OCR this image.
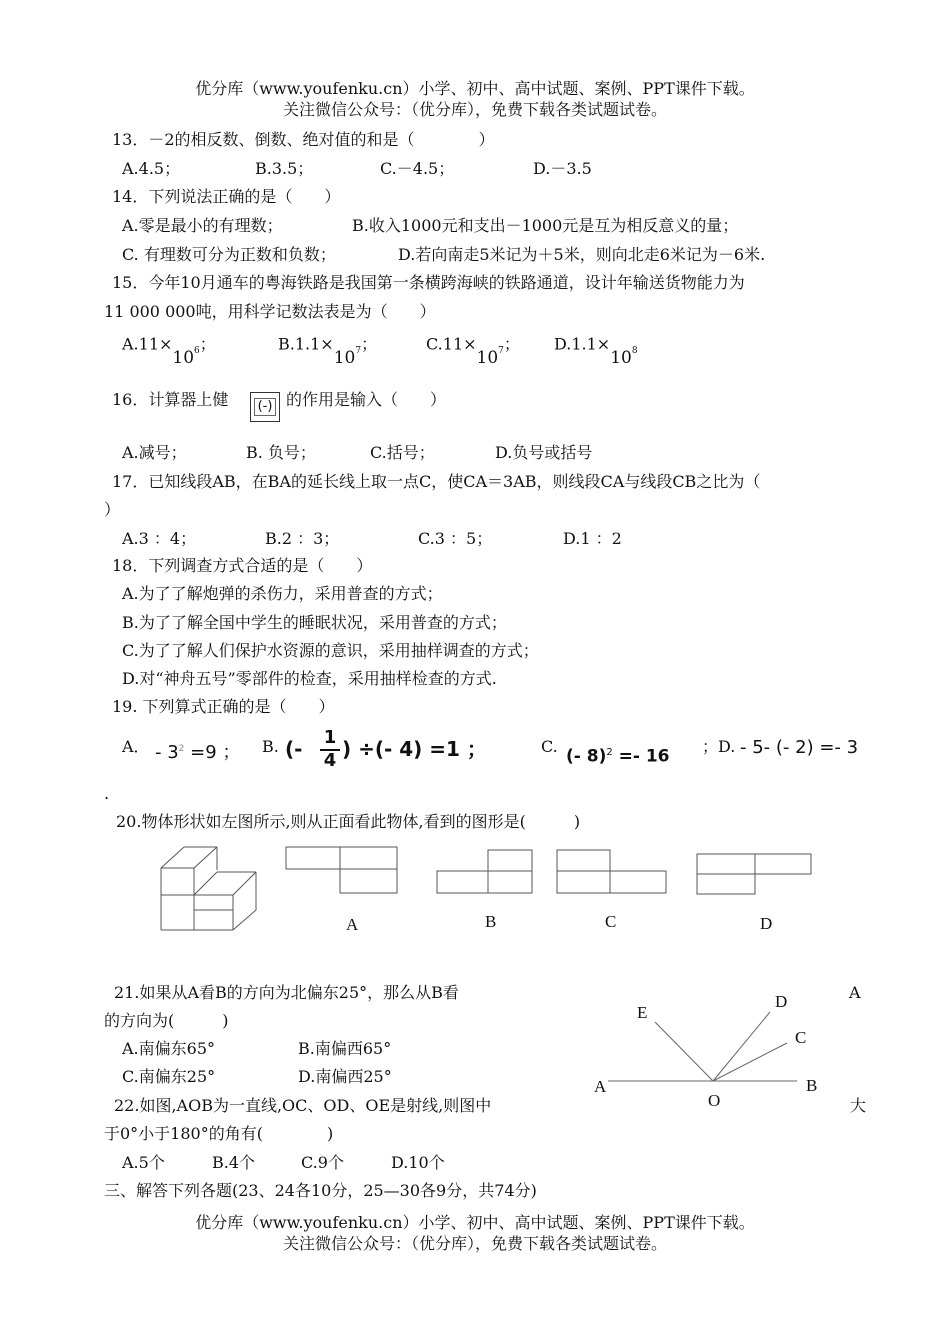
优分库（www.youfenku.cn）小学、初中、高中试题、案例、PPT课件下载。
关注微信公众号：（优分库），免费下载各类试题试卷。
13．－2的相反数、倒数、绝对值的和是（　　　　）
A.4.5；	B.3.5；	C.－4.5；	D.－3.5
14．下列说法正确的是（　　）
A.零是最小的有理数；	B.收入1000元和支出－1000元是互为相反意义的量；
C. 有理数可分为正数和负数；	D.若向南走5米记为＋5米，则向北走6米记为－6米.
15．今年10月通车的粤海铁路是我国第一条横跨海峡的铁路通道，设计年输送货物能力为
11 000 000吨，用科学记数法表是为（　　）
$A.11\times 10^6$；	$B.1.1\times 10^7$；	$C.11\times 10^7$； $D.1.1\times 10^8$
16．计算器上健 (-) 的作用是输入（　　）
A.减号；	B. 负号；	C.括号；	D.负号或括号
17．已知线段AB，在BA的延长线上取一点C，使CA＝3AB，则线段CA与线段CB之比为（
）
A.3 ：4；	B.2 ：3；	C.3 ：5；	D.1 ：2
18．下列调查方式合适的是（　　）
A.为了了解炮弹的杀伤力，采用普查的方式；
B.为了了解全国中学生的睡眠状况，采用普查的方式；
C.为了了解人们保护水资源的意识，采用抽样调查的方式；
D.对“神舟五号”零部件的检查，采用抽样检查的方式.
19. 下列算式正确的是（　　）
A． - $3^2 =9$ ； B. (- 1
4 ) ÷(- 4) =1 ；	C.
(- 8)$^2$ =- 16
；D. - 5- (- 2) =- 3
.
20.物体形状如左图所示,则从正面看此物体,看到的图形是(　　　)
A	B	C	D
21.如果从A看B的方向为北偏东25°，那么从B看
的方向为(　　　)
A.南偏东65°	B.南偏西65°
C.南偏东25°	D.南偏西25°
A
大
E
D
C
A	B
O
22.如图,AOB为一直线,OC、OD、OE是射线,则图中
于0°小于180°的角有(　　　　)
A.5个	B.4个	C.9个	D.10个
三、解答下列各题(23、24各10分，25—30各9分，共74分)
优分库（www.youfenku.cn）小学、初中、高中试题、案例、PPT课件下载。
关注微信公众号：（优分库），免费下载各类试题试卷。
